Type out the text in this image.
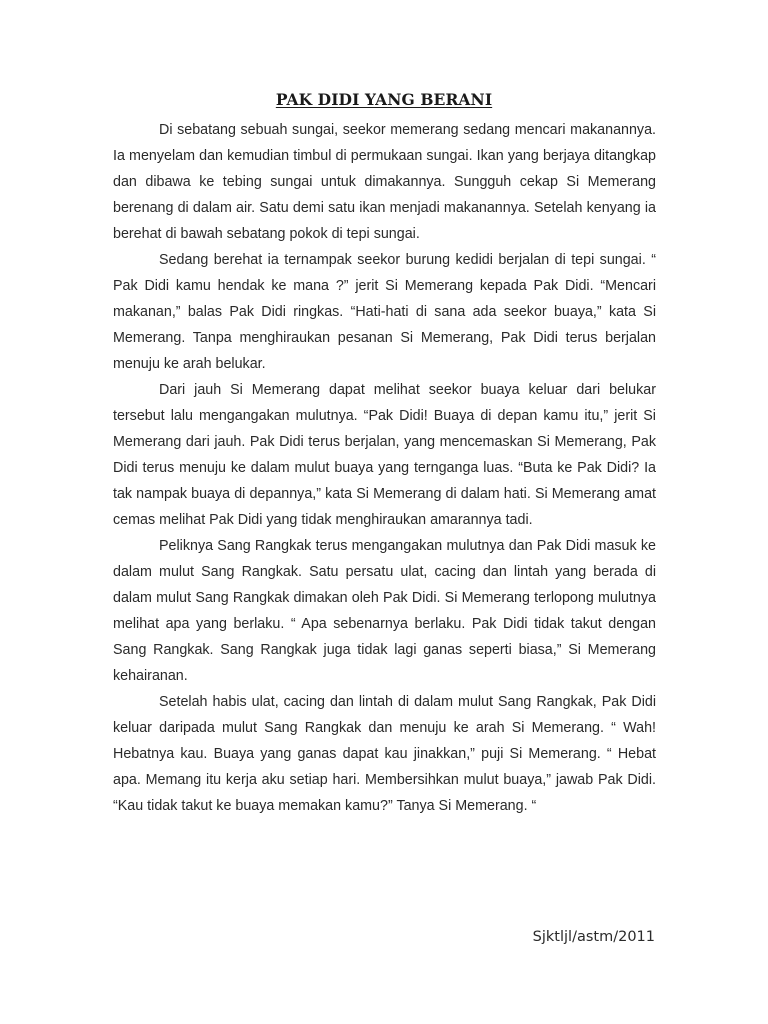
PAK DIDI YANG BERANI

Di sebatang sebuah sungai, seekor memerang sedang mencari makanannya. Ia menyelam dan kemudian timbul di permukaan sungai. Ikan yang berjaya ditangkap dan dibawa ke tebing sungai untuk dimakannya. Sungguh cekap Si Memerang berenang di dalam air. Satu demi satu ikan menjadi makanannya. Setelah kenyang ia berehat di bawah sebatang pokok di tepi sungai.

Sedang berehat ia ternampak seekor burung kedidi berjalan di tepi sungai. “ Pak Didi kamu hendak ke mana ?” jerit Si Memerang kepada Pak Didi. “Mencari makanan,” balas Pak Didi ringkas. “Hati-hati di sana ada seekor buaya,” kata Si Memerang. Tanpa menghiraukan pesanan Si Memerang, Pak Didi terus berjalan menuju ke arah belukar.

Dari jauh Si Memerang dapat melihat seekor buaya keluar dari belukar tersebut lalu mengangakan mulutnya. “Pak Didi! Buaya di depan kamu itu,” jerit Si Memerang dari jauh. Pak Didi terus berjalan, yang mencemaskan Si Memerang, Pak Didi terus menuju ke dalam mulut buaya yang ternganga luas. “Buta ke Pak Didi? Ia tak nampak buaya di depannya,” kata Si Memerang di dalam hati. Si Memerang amat cemas melihat Pak Didi yang tidak menghiraukan amarannya tadi.

Peliknya Sang Rangkak terus mengangakan mulutnya dan Pak Didi masuk ke dalam mulut Sang Rangkak. Satu persatu ulat, cacing dan lintah yang berada di dalam mulut Sang Rangkak dimakan oleh Pak Didi. Si Memerang terlopong mulutnya melihat apa yang berlaku. “ Apa sebenarnya berlaku. Pak Didi tidak takut dengan Sang Rangkak. Sang Rangkak juga tidak lagi ganas seperti biasa,” Si Memerang kehairanan.

Setelah habis ulat, cacing dan lintah di dalam mulut Sang Rangkak, Pak Didi keluar daripada mulut Sang Rangkak dan menuju ke arah Si Memerang. “ Wah! Hebatnya kau. Buaya yang ganas dapat kau jinakkan,” puji Si Memerang. “ Hebat apa. Memang itu kerja aku setiap hari. Membersihkan mulut buaya,” jawab Pak Didi. “Kau tidak takut ke buaya memakan kamu?” Tanya Si Memerang. “

Sjktljl/astm/2011
